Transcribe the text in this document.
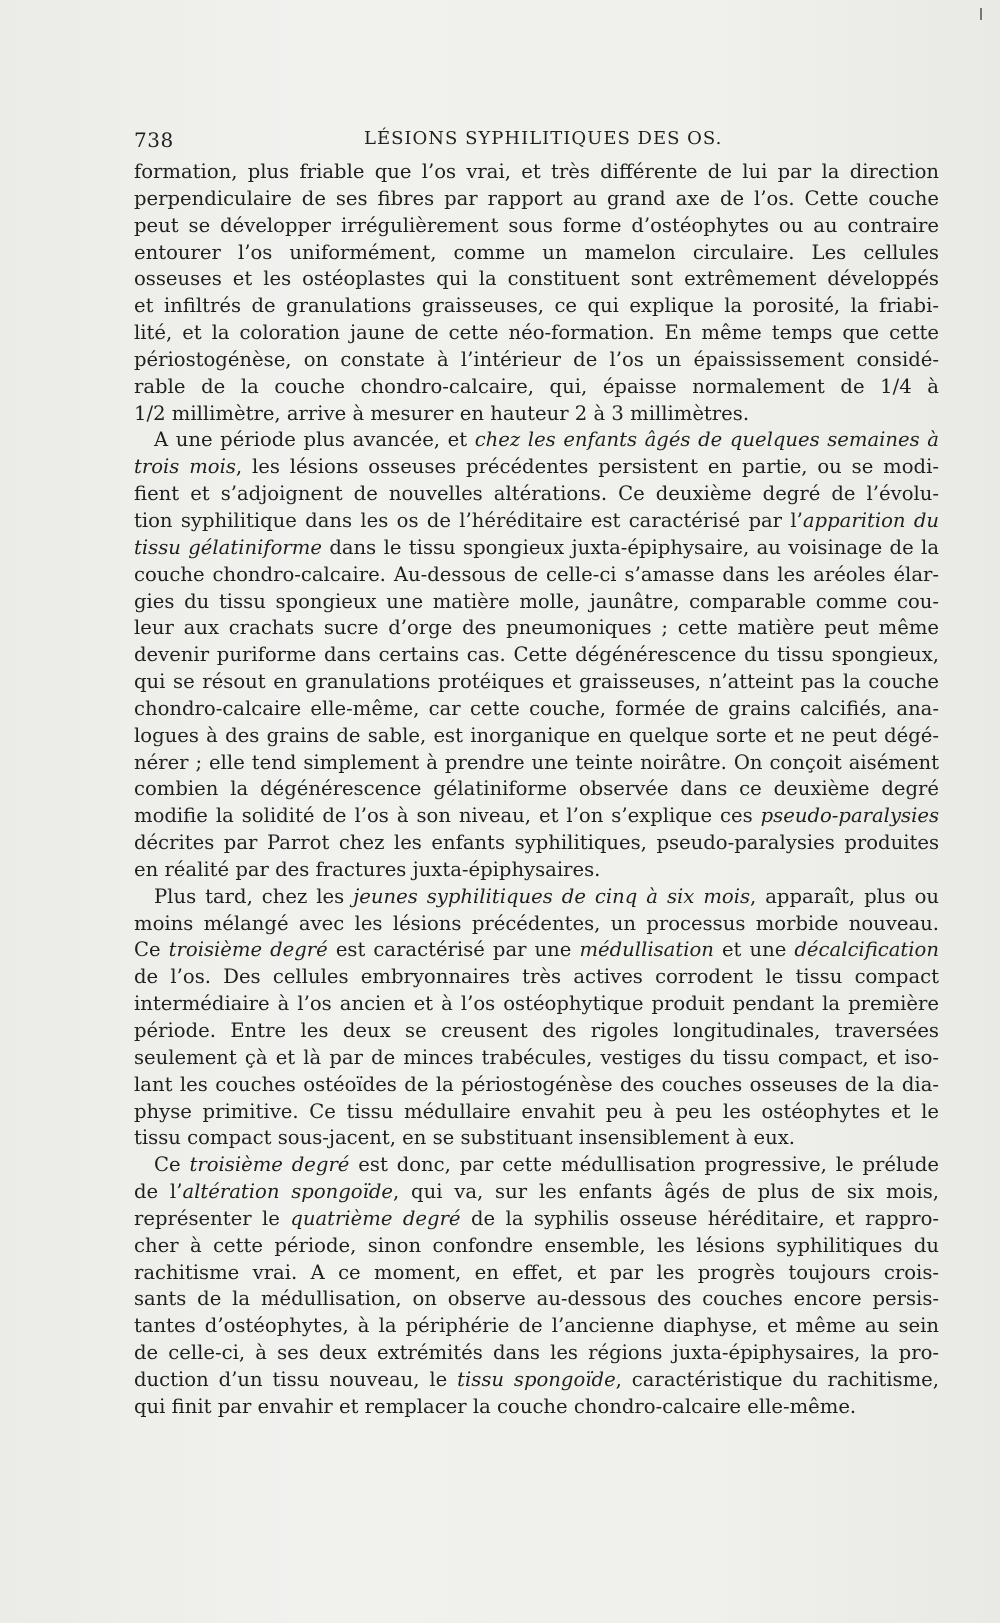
738	LÉSIONS SYPHILITIQUES DES OS.
formation, plus friable que l’os vrai, et très différente de lui par la direction
perpendiculaire de ses fibres par rapport au grand axe de l’os. Cette couche
peut se développer irrégulièrement sous forme d’ostéophytes ou au contraire
entourer l’os uniformément, comme un mamelon circulaire. Les cellules
osseuses et les ostéoplastes qui la constituent sont extrêmement développés
et infiltrés de granulations graisseuses, ce qui explique la porosité, la friabi-
lité, et la coloration jaune de cette néo-formation. En même temps que cette
périostogénèse, on constate à l’intérieur de l’os un épaississement considé-
rable de la couche chondro-calcaire, qui, épaisse normalement de 1/4 à
1/2 millimètre, arrive à mesurer en hauteur 2 à 3 millimètres.
A une période plus avancée, et chez les enfants âgés de quelques semaines à
trois mois, les lésions osseuses précédentes persistent en partie, ou se modi-
fient et s’adjoignent de nouvelles altérations. Ce deuxième degré de l’évolu-
tion syphilitique dans les os de l’héréditaire est caractérisé par l’apparition du
tissu gélatiniforme dans le tissu spongieux juxta-épiphysaire, au voisinage de la
couche chondro-calcaire. Au-dessous de celle-ci s’amasse dans les aréoles élar-
gies du tissu spongieux une matière molle, jaunâtre, comparable comme cou-
leur aux crachats sucre d’orge des pneumoniques ; cette matière peut même
devenir puriforme dans certains cas. Cette dégénérescence du tissu spongieux,
qui se résout en granulations protéiques et graisseuses, n’atteint pas la couche
chondro-calcaire elle-même, car cette couche, formée de grains calcifiés, ana-
logues à des grains de sable, est inorganique en quelque sorte et ne peut dégé-
nérer ; elle tend simplement à prendre une teinte noirâtre. On conçoit aisément
combien la dégénérescence gélatiniforme observée dans ce deuxième degré
modifie la solidité de l’os à son niveau, et l’on s’explique ces pseudo-paralysies
décrites par Parrot chez les enfants syphilitiques, pseudo-paralysies produites
en réalité par des fractures juxta-épiphysaires.
Plus tard, chez les jeunes syphilitiques de cinq à six mois, apparaît, plus ou
moins mélangé avec les lésions précédentes, un processus morbide nouveau.
Ce troisième degré est caractérisé par une médullisation et une décalcification
de l’os. Des cellules embryonnaires très actives corrodent le tissu compact
intermédiaire à l’os ancien et à l’os ostéophytique produit pendant la première
période. Entre les deux se creusent des rigoles longitudinales, traversées
seulement çà et là par de minces trabécules, vestiges du tissu compact, et iso-
lant les couches ostéoïdes de la périostogénèse des couches osseuses de la dia-
physe primitive. Ce tissu médullaire envahit peu à peu les ostéophytes et le
tissu compact sous-jacent, en se substituant insensiblement à eux.
Ce troisième degré est donc, par cette médullisation progressive, le prélude
de l’altération spongoïde, qui va, sur les enfants âgés de plus de six mois,
représenter le quatrième degré de la syphilis osseuse héréditaire, et rappro-
cher à cette période, sinon confondre ensemble, les lésions syphilitiques du
rachitisme vrai. A ce moment, en effet, et par les progrès toujours crois-
sants de la médullisation, on observe au-dessous des couches encore persis-
tantes d’ostéophytes, à la périphérie de l’ancienne diaphyse, et même au sein
de celle-ci, à ses deux extrémités dans les régions juxta-épiphysaires, la pro-
duction d’un tissu nouveau, le tissu spongoïde, caractéristique du rachitisme,
qui finit par envahir et remplacer la couche chondro-calcaire elle-même.
